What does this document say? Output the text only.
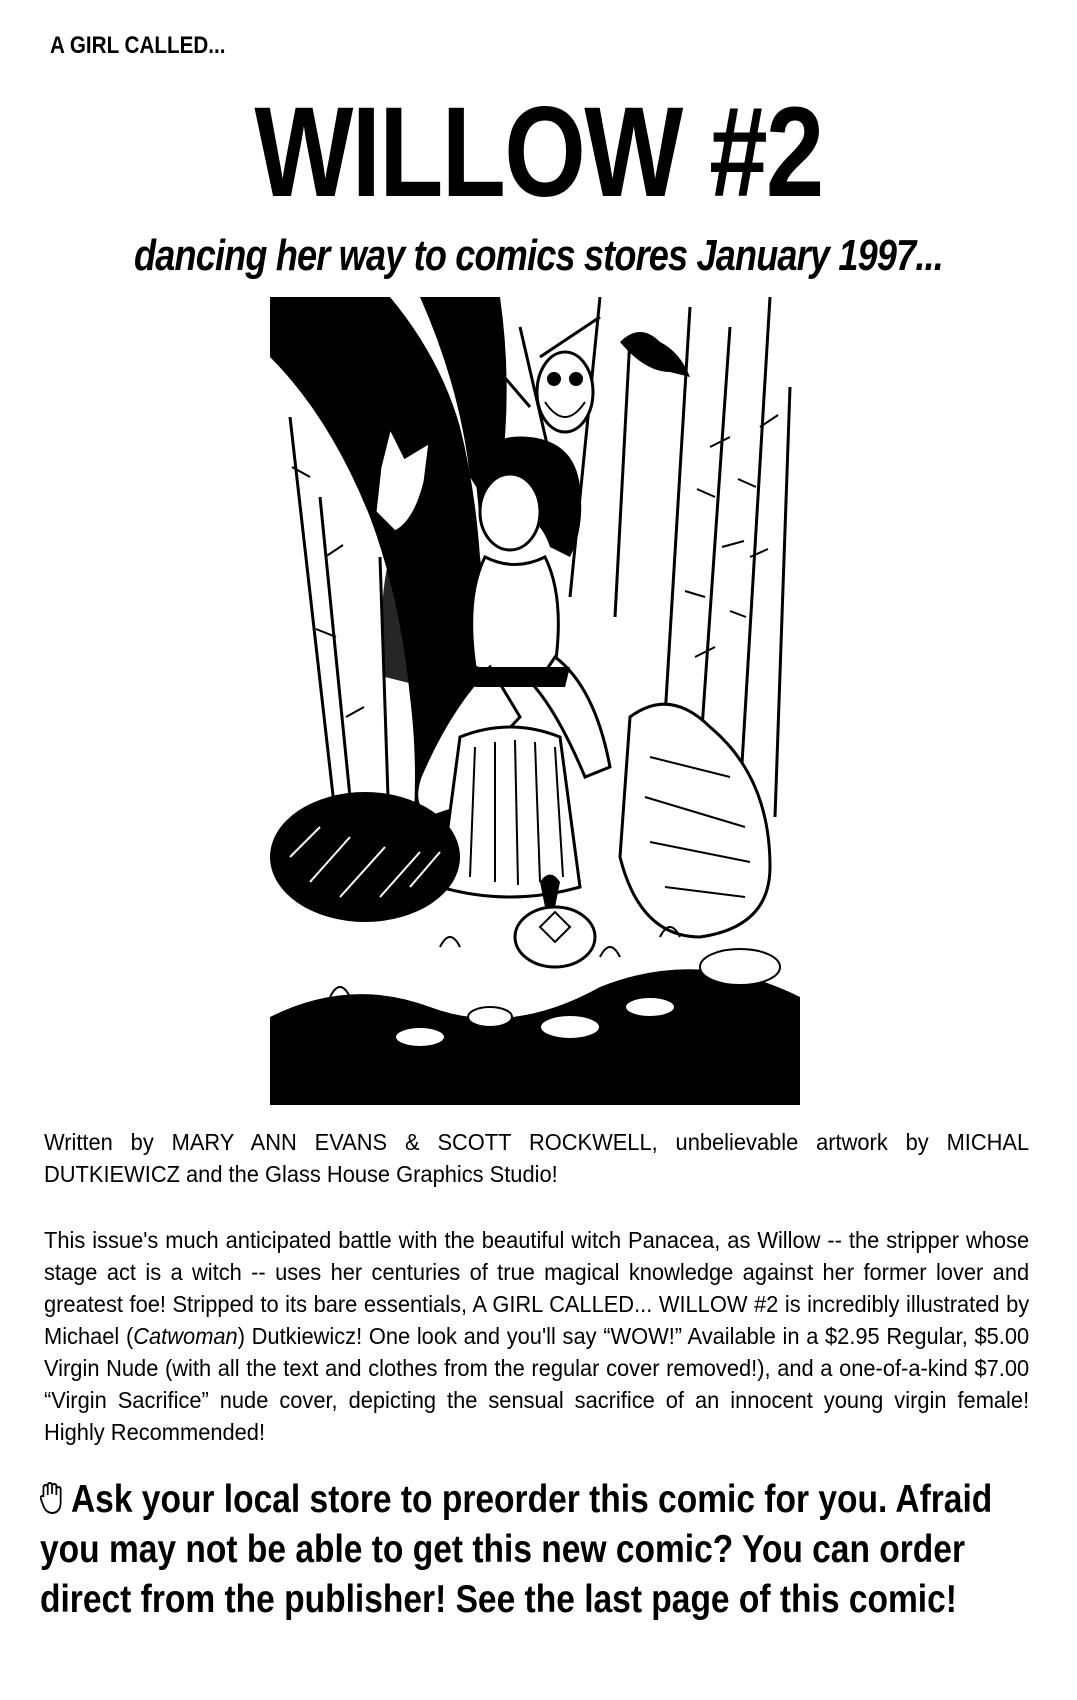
A GIRL CALLED...
WILLOW #2
dancing her way to comics stores January 1997...
Written by MARY ANN EVANS & SCOTT ROCKWELL, unbelievable artwork by MICHAL DUTKIEWICZ and the Glass House Graphics Studio!
This issue's much anticipated battle with the beautiful witch Panacea, as Willow -- the stripper whose stage act is a witch -- uses her centuries of true magical knowledge against her former lover and greatest foe! Stripped to its bare essentials, A GIRL CALLED... WILLOW #2 is incredibly illustrated by Michael (Catwoman) Dutkiewicz! One look and you'll say “WOW!” Available in a $2.95 Regular, $5.00 Virgin Nude (with all the text and clothes from the regular cover removed!), and a one-of-a-kind $7.00 “Virgin Sacrifice” nude cover, depicting the sensual sacrifice of an innocent young virgin female! Highly Recommended!
Ask your local store to preorder this comic for you. Afraid you may not be able to get this new comic? You can order direct from the publisher! See the last page of this comic!
